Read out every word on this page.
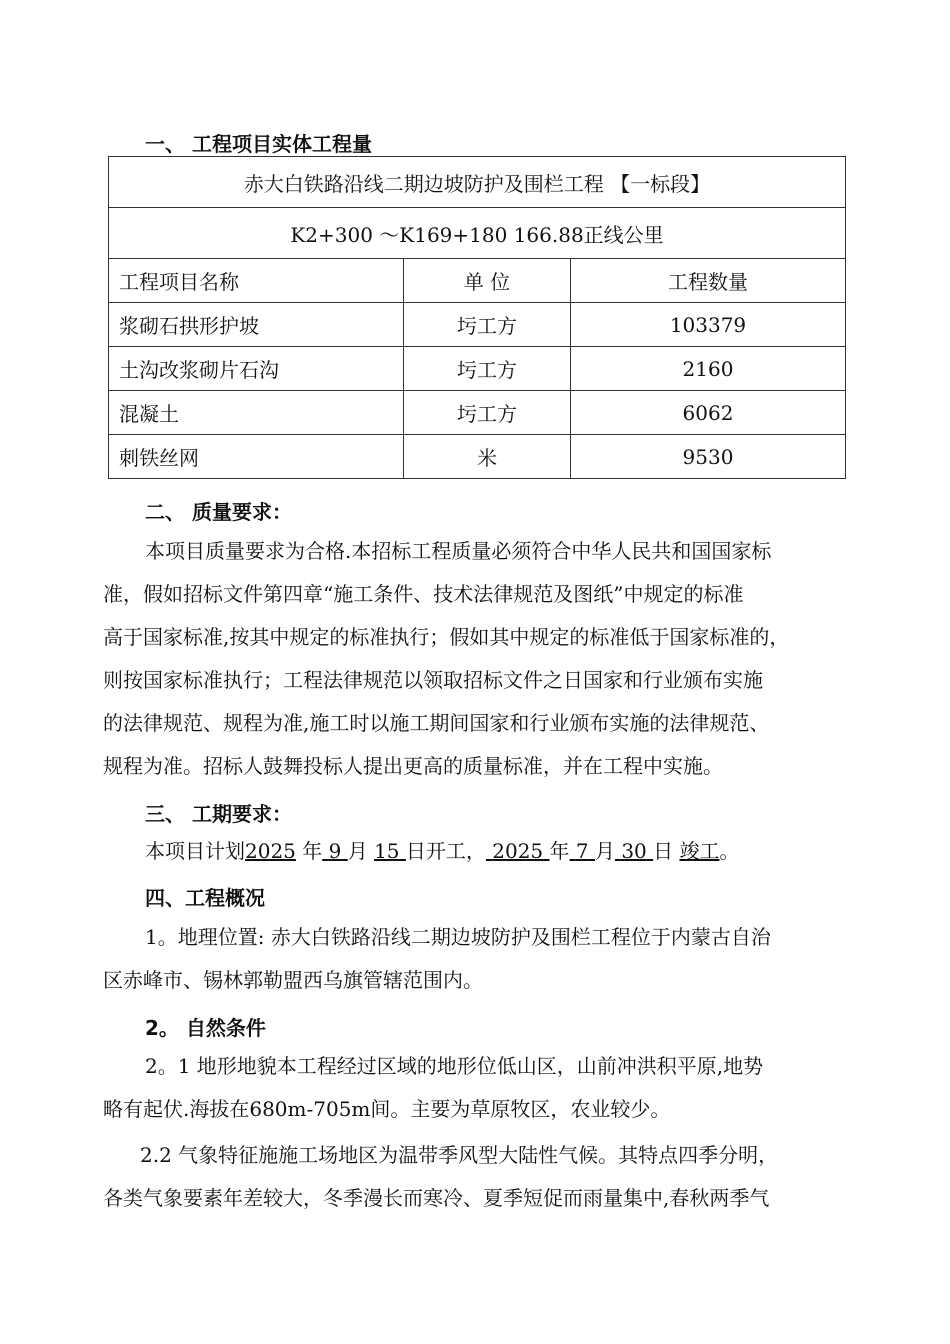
一、 工程项目实体工程量
赤大白铁路沿线二期边坡防护及围栏工程 【一标段】		
K2+300 ～K169+180 166.88正线公里		
工程项目名称	单 位	工程数量
浆砌石拱形护坡	圬工方	103379
土沟改浆砌片石沟	圬工方	2160
混凝土	圬工方	6062
刺铁丝网	米	9530
二、 质量要求：
本项目质量要求为合格.本招标工程质量必须符合中华人民共和国国家标
准，假如招标文件第四章“施工条件、技术法律规范及图纸”中规定的标准
高于国家标准,按其中规定的标准执行；假如其中规定的标准低于国家标准的，
则按国家标准执行；工程法律规范以领取招标文件之日国家和行业颁布实施
的法律规范、规程为准,施工时以施工期间国家和行业颁布实施的法律规范、
规程为准。招标人鼓舞投标人提出更高的质量标准，并在工程中实施。
三、 工期要求：
本项目计划2025 年 9 月 15 日开工， 2025 年 7 月 30 日 竣工。
四、工程概况
1。地理位置: 赤大白铁路沿线二期边坡防护及围栏工程位于内蒙古自治
区赤峰市、锡林郭勒盟西乌旗管辖范围内。
2。 自然条件
2。1 地形地貌本工程经过区域的地形位低山区，山前冲洪积平原,地势
略有起伏.海拔在680m-705m间。主要为草原牧区，农业较少。
2.2 气象特征施施工场地区为温带季风型大陆性气候。其特点四季分明，
各类气象要素年差较大，冬季漫长而寒冷、夏季短促而雨量集中,春秋两季气
